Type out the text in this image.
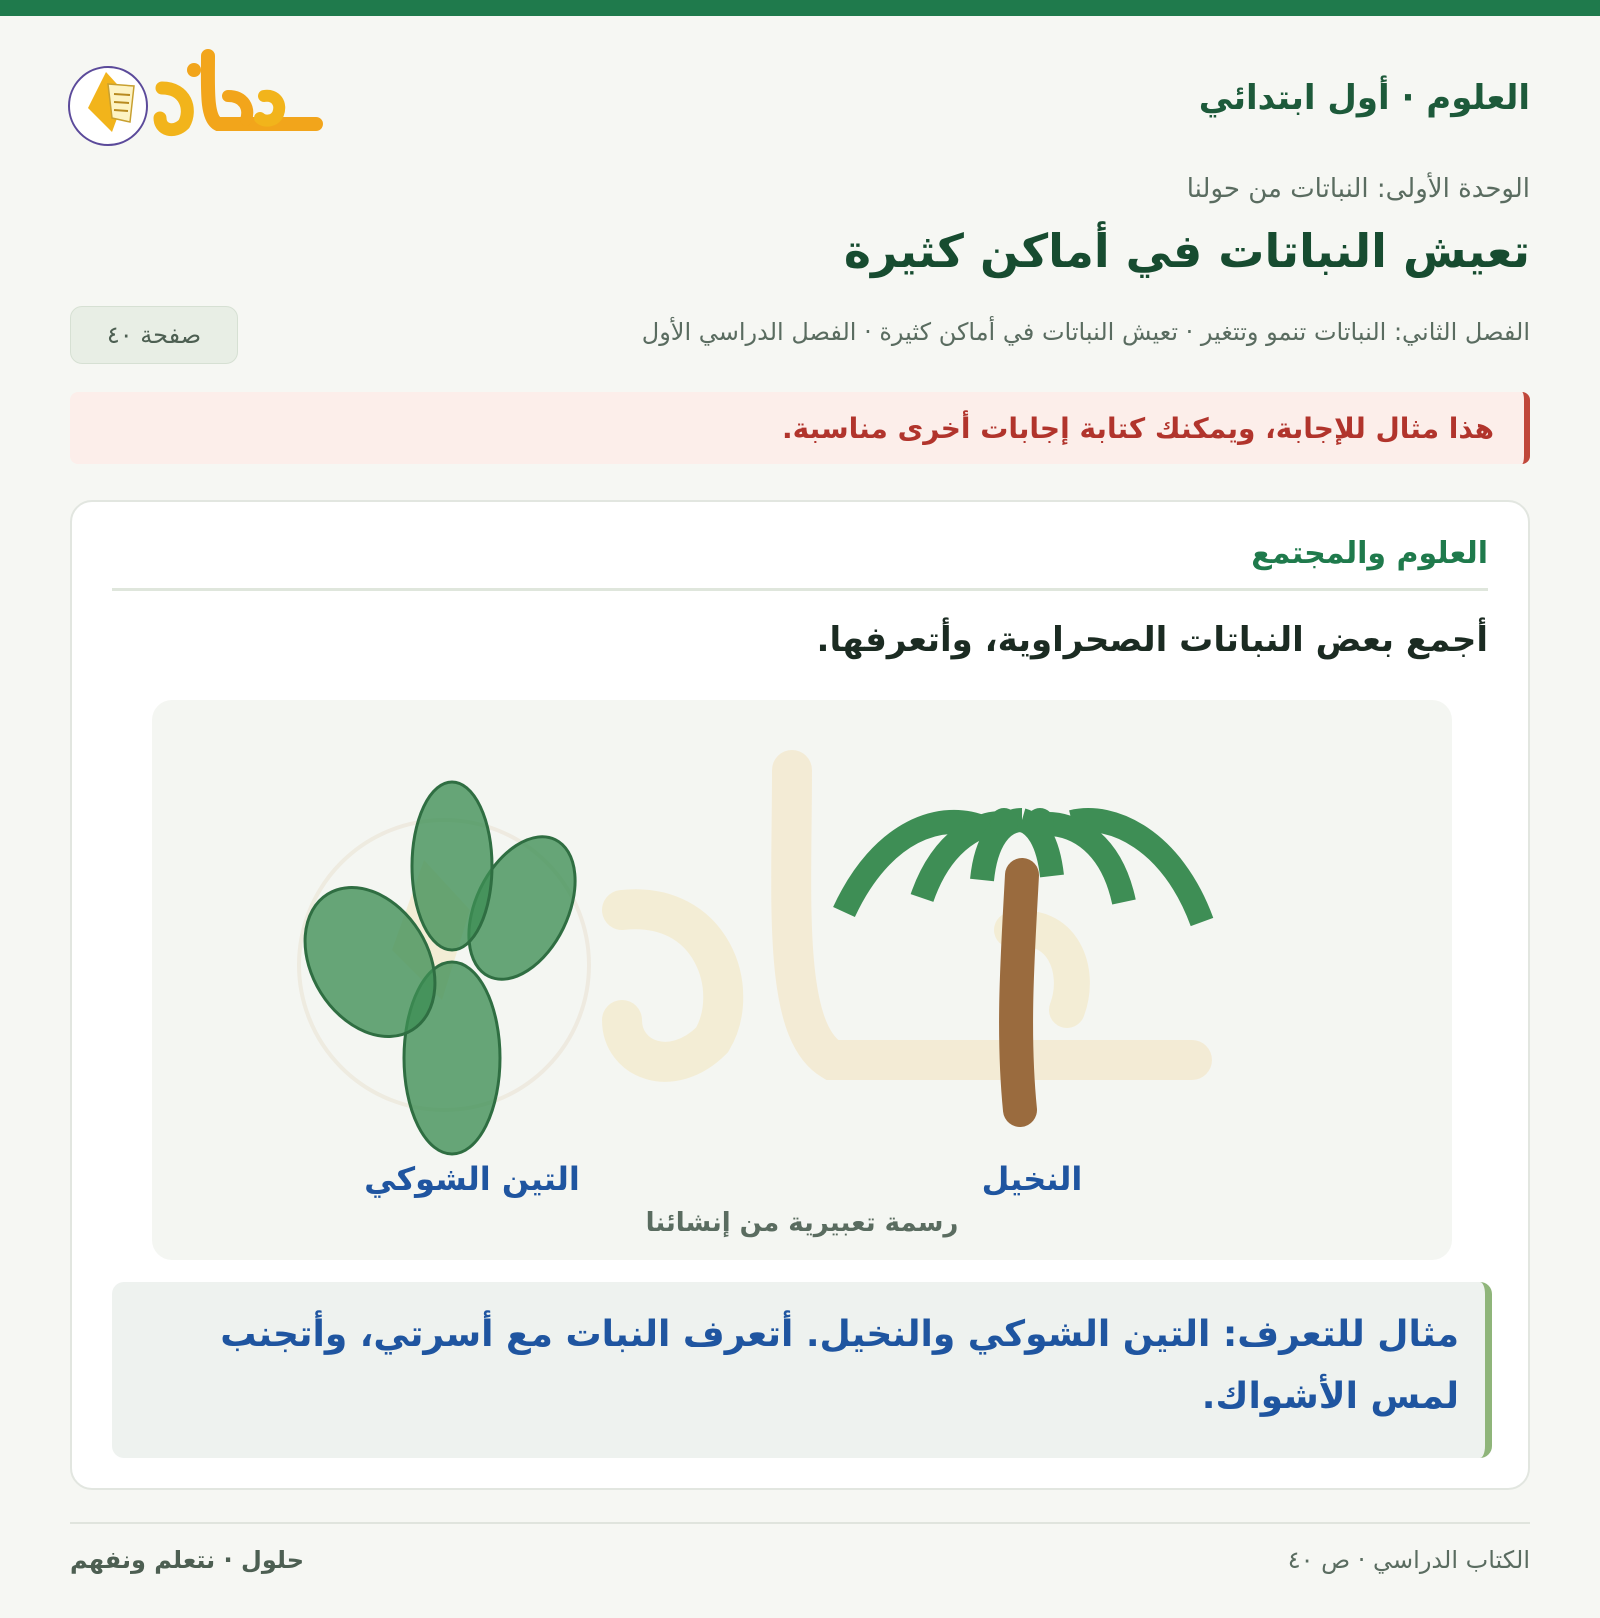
العلوم · أول ابتدائي
الوحدة الأولى: النباتات من حولنا
تعيش النباتات في أماكن كثيرة
الفصل الثاني: النباتات تنمو وتتغير · تعيش النباتات في أماكن كثيرة · الفصل الدراسي الأول
صفحة ٤٠
هذا مثال للإجابة، ويمكنك كتابة إجابات أخرى مناسبة.
العلوم والمجتمع
أجمع بعض النباتات الصحراوية، وأتعرفها.
النخيل
التين الشوكي
رسمة تعبيرية من إنشائنا
مثال للتعرف: التين الشوكي والنخيل. أتعرف النبات مع أسرتي، وأتجنب لمس الأشواك.
الكتاب الدراسي · ص ٤٠
حلول · نتعلم ونفهم
